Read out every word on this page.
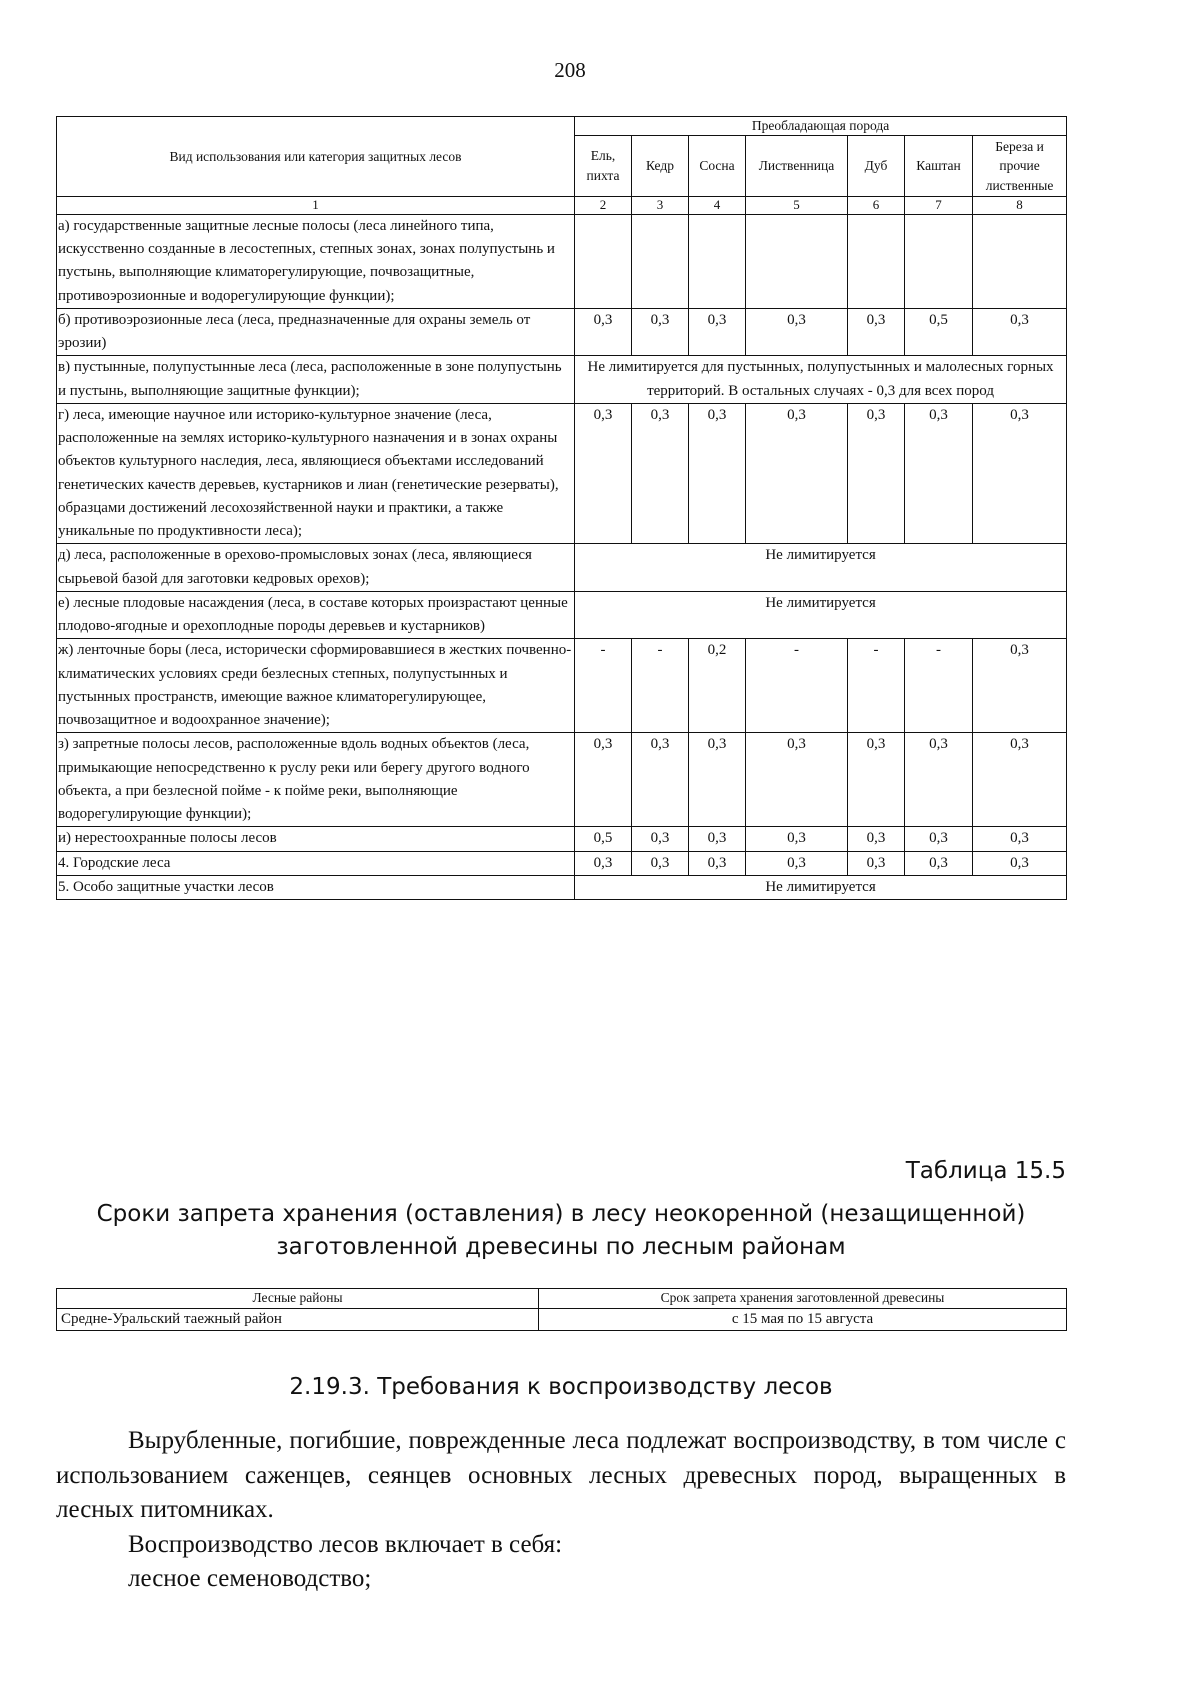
208
Вид использования или категория защитных лесов	Преобладающая порода						
	Ель, пихта	Кедр	Сосна	Лиственница	Дуб	Каштан	Береза и прочие лиственные
1	2	3	4	5	6	7	8
а) государственные защитные лесные полосы (леса линейного типа, искусственно созданные в лесостепных, степных зонах, зонах полупустынь и пустынь, выполняющие климаторегулирующие, почвозащитные, противоэрозионные и водорегулирующие функции);							
б) противоэрозионные леса (леса, предназначенные для охраны земель от эрозии)	0,3	0,3	0,3	0,3	0,3	0,5	0,3
в) пустынные, полупустынные леса (леса, расположенные в зоне полупустынь и пустынь, выполняющие защитные функции);	Не лимитируется для пустынных, полупустынных и малолесных горных территорий. В остальных случаях - 0,3 для всех пород						
г) леса, имеющие научное или историко-культурное значение (леса, расположенные на землях историко-культурного назначения и в зонах охраны объектов культурного наследия, леса, являющиеся объектами исследований генетических качеств деревьев, кустарников и лиан (генетические резерваты), образцами достижений лесохозяйственной науки и практики, а также уникальные по продуктивности леса);	0,3	0,3	0,3	0,3	0,3	0,3	0,3
д) леса, расположенные в орехово-промысловых зонах (леса, являющиеся сырьевой базой для заготовки кедровых орехов);	Не лимитируется						
е) лесные плодовые насаждения (леса, в составе которых произрастают ценные плодово-ягодные и орехоплодные породы деревьев и кустарников)	Не лимитируется						
ж) ленточные боры (леса, исторически сформировавшиеся в жестких почвенно-климатических условиях среди безлесных степных, полупустынных и пустынных пространств, имеющие важное климаторегулирующее, почвозащитное и водоохранное значение);	-	-	0,2	-	-	-	0,3
з) запретные полосы лесов, расположенные вдоль водных объектов (леса, примыкающие непосредственно к руслу реки или берегу другого водного объекта, а при безлесной пойме - к пойме реки, выполняющие водорегулирующие функции);	0,3	0,3	0,3	0,3	0,3	0,3	0,3
и) нерестоохранные полосы лесов	0,5	0,3	0,3	0,3	0,3	0,3	0,3
4. Городские леса	0,3	0,3	0,3	0,3	0,3	0,3	0,3
5. Особо защитные участки лесов	Не лимитируется						
Таблица 15.5
Сроки запрета хранения (оставления) в лесу неокоренной (незащищенной)
заготовленной древесины по лесным районам
Лесные районы	Срок запрета хранения заготовленной древесины
Средне-Уральский таежный район	с 15 мая по 15 августа
2.19.3. Требования к воспроизводству лесов

Вырубленные, погибшие, поврежденные леса подлежат воспроизводству, в том числе с использованием саженцев, сеянцев основных лесных древесных пород, выращенных в лесных питомниках.

Воспроизводство лесов включает в себя:

лесное семеноводство;
